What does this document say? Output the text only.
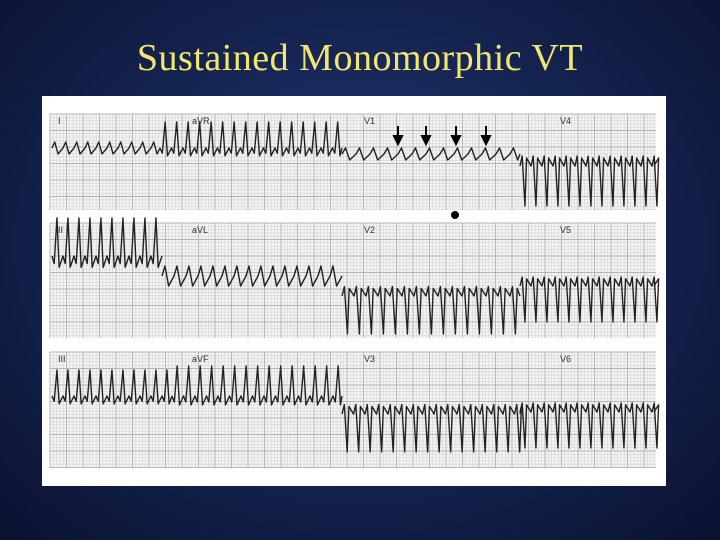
Sustained Monomorphic VT
I	aVR	V1	V4
II	aVL	V2	V5
III	aVF	V3	V6
